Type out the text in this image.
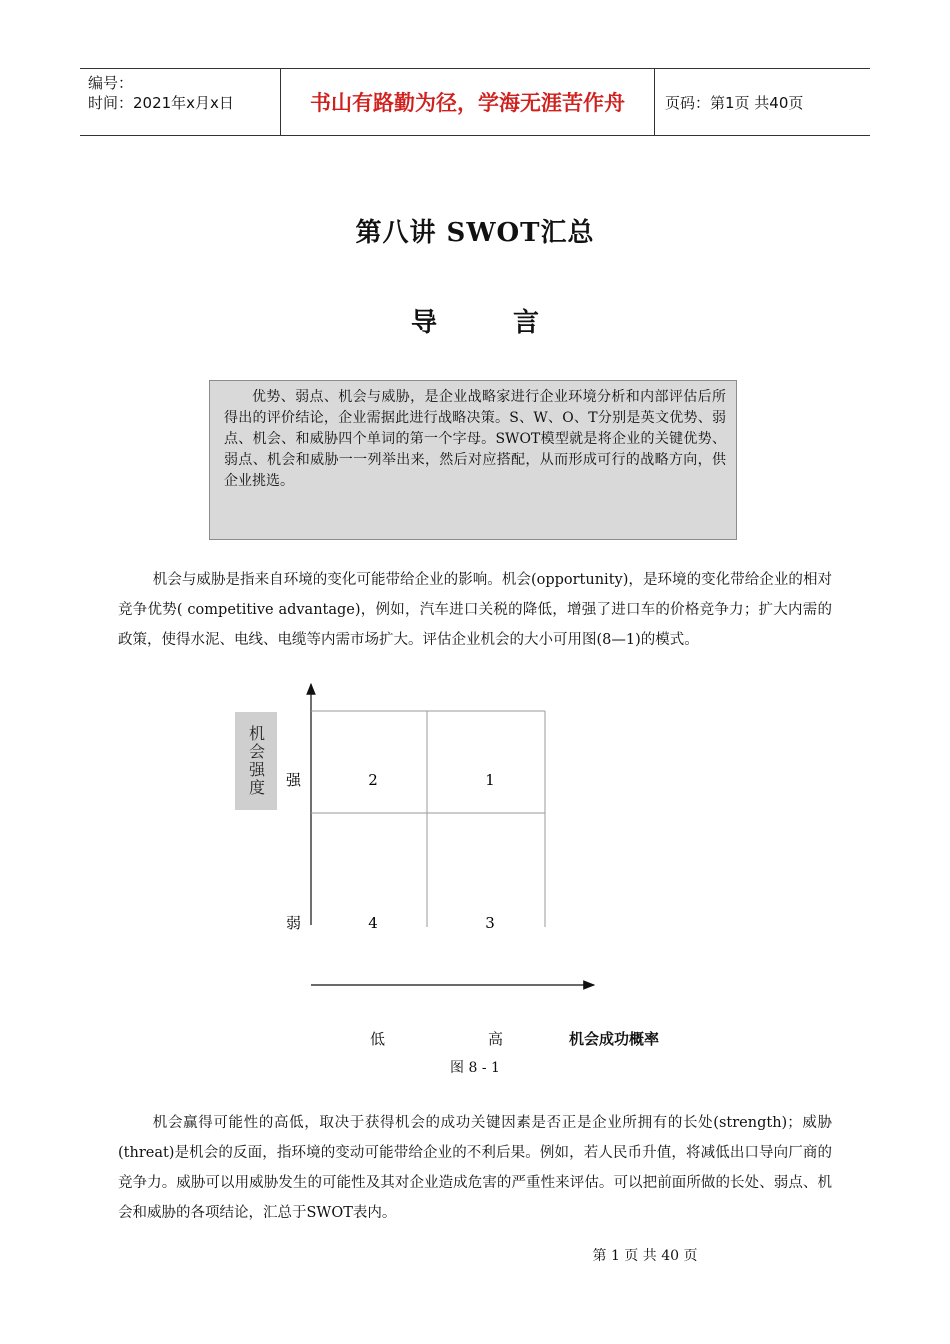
编号：
时间：2021年x月x日	书山有路勤为径，学海无涯苦作舟	页码：第1页 共40页
第八讲 SWOT汇总
导	言
优势、弱点、机会与威胁，是企业战略家进行企业环境分析和内部评估后所得出的评价结论，企业需据此进行战略决策。S、W、O、T分别是英文优势、弱点、机会、和威胁四个单词的第一个字母。SWOT模型就是将企业的关键优势、弱点、机会和威胁一一列举出来，然后对应搭配，从而形成可行的战略方向，供企业挑选。

机会与威胁是指来自环境的变化可能带给企业的影响。机会(opportunity)，是环境的变化带给企业的相对竞争优势( competitive advantage)，例如，汽车进口关税的降低，增强了进口车的价格竞争力；扩大内需的政策，使得水泥、电线、电缆等内需市场扩大。评估企业机会的大小可用图(8—1)的模式。

2	1
4	3
强
弱
机会强度
低	高	机会成功概率
图 8 - 1

机会赢得可能性的高低，取决于获得机会的成功关键因素是否正是企业所拥有的长处(strength)；威胁(threat)是机会的反面，指环境的变动可能带给企业的不利后果。例如，若人民币升值，将减低出口导向厂商的竞争力。威胁可以用威胁发生的可能性及其对企业造成危害的严重性来评估。可以把前面所做的长处、弱点、机会和威胁的各项结论，汇总于SWOT表内。

第 1 页 共 40 页
